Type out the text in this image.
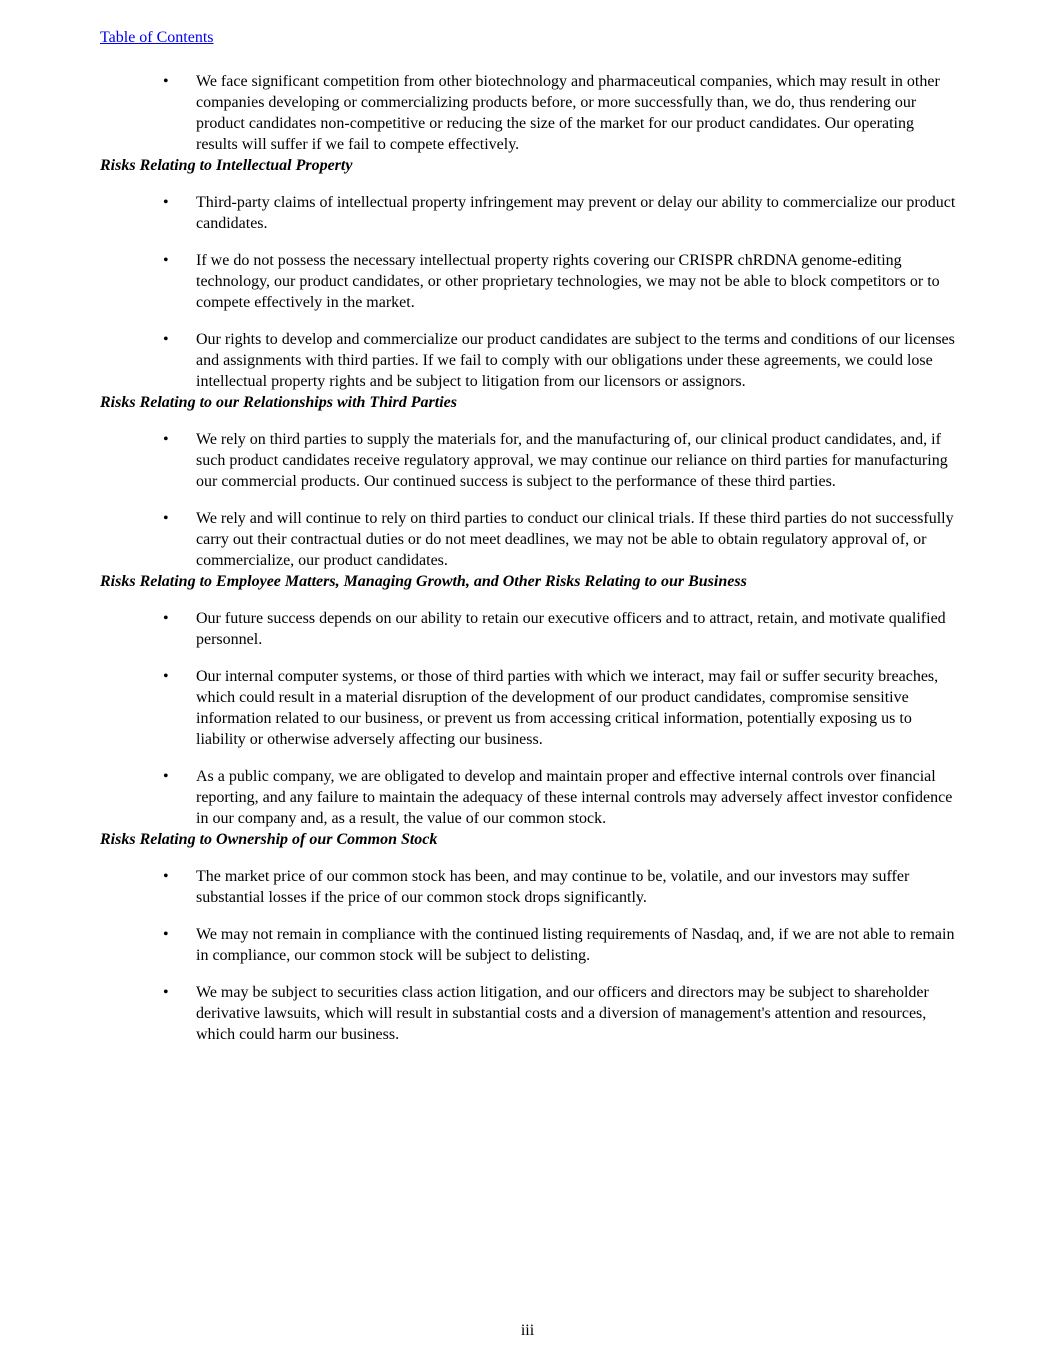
Table of Contents
• We face significant competition from other biotechnology and pharmaceutical companies, which may result in other companies developing or commercializing products before, or more successfully than, we do, thus rendering our product candidates non-competitive or reducing the size of the market for our product candidates. Our operating results will suffer if we fail to compete effectively.
Risks Relating to Intellectual Property
• Third-party claims of intellectual property infringement may prevent or delay our ability to commercialize our product candidates.
• If we do not possess the necessary intellectual property rights covering our CRISPR chRDNA genome-editing technology, our product candidates, or other proprietary technologies, we may not be able to block competitors or to compete effectively in the market.
• Our rights to develop and commercialize our product candidates are subject to the terms and conditions of our licenses and assignments with third parties. If we fail to comply with our obligations under these agreements, we could lose intellectual property rights and be subject to litigation from our licensors or assignors.
Risks Relating to our Relationships with Third Parties
• We rely on third parties to supply the materials for, and the manufacturing of, our clinical product candidates, and, if such product candidates receive regulatory approval, we may continue our reliance on third parties for manufacturing our commercial products. Our continued success is subject to the performance of these third parties.
• We rely and will continue to rely on third parties to conduct our clinical trials. If these third parties do not successfully carry out their contractual duties or do not meet deadlines, we may not be able to obtain regulatory approval of, or commercialize, our product candidates.
Risks Relating to Employee Matters, Managing Growth, and Other Risks Relating to our Business
• Our future success depends on our ability to retain our executive officers and to attract, retain, and motivate qualified personnel.
• Our internal computer systems, or those of third parties with which we interact, may fail or suffer security breaches, which could result in a material disruption of the development of our product candidates, compromise sensitive information related to our business, or prevent us from accessing critical information, potentially exposing us to liability or otherwise adversely affecting our business.
• As a public company, we are obligated to develop and maintain proper and effective internal controls over financial reporting, and any failure to maintain the adequacy of these internal controls may adversely affect investor confidence in our company and, as a result, the value of our common stock.
Risks Relating to Ownership of our Common Stock
• The market price of our common stock has been, and may continue to be, volatile, and our investors may suffer substantial losses if the price of our common stock drops significantly.
• We may not remain in compliance with the continued listing requirements of Nasdaq, and, if we are not able to remain in compliance, our common stock will be subject to delisting.
• We may be subject to securities class action litigation, and our officers and directors may be subject to shareholder derivative lawsuits, which will result in substantial costs and a diversion of management's attention and resources, which could harm our business.
iii
